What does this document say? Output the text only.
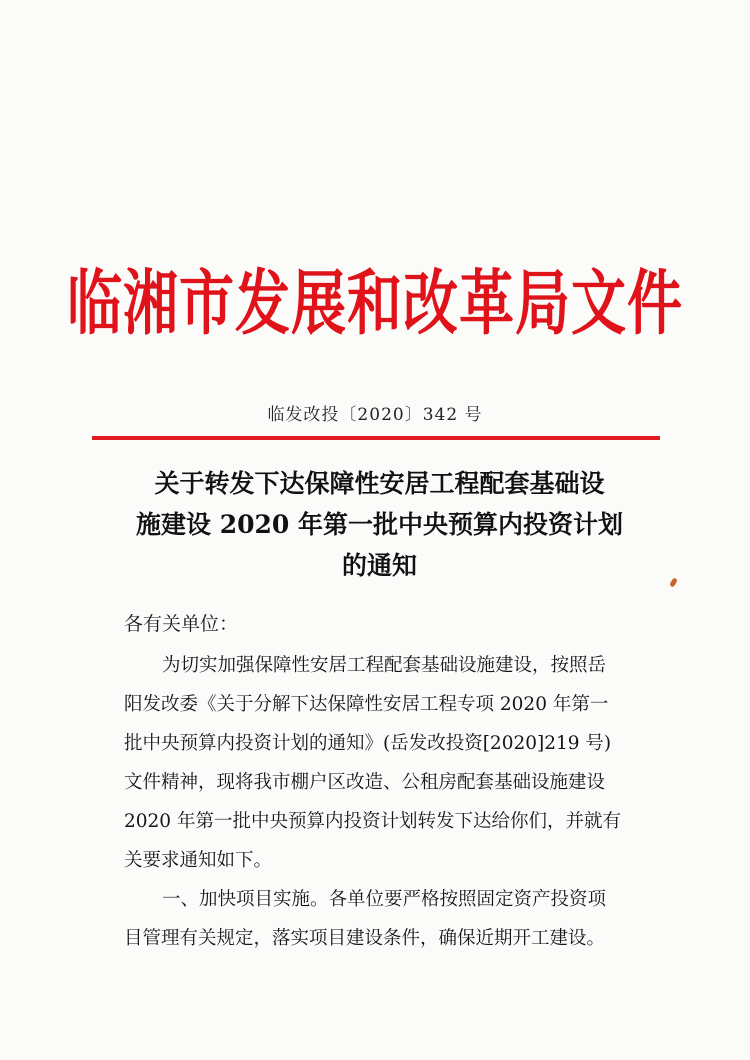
临湘市发展和改革局文件
临发改投〔2020〕342 号
关于转发下达保障性安居工程配套基础设
施建设 2020 年第一批中央预算内投资计划
的通知
各有关单位：
为切实加强保障性安居工程配套基础设施建设，按照岳
阳发改委《关于分解下达保障性安居工程专项 2020 年第一
批中央预算内投资计划的通知》(岳发改投资[2020]219 号)
文件精神，现将我市棚户区改造、公租房配套基础设施建设
2020 年第一批中央预算内投资计划转发下达给你们，并就有
关要求通知如下。
一、加快项目实施。各单位要严格按照固定资产投资项
目管理有关规定，落实项目建设条件，确保近期开工建设。
